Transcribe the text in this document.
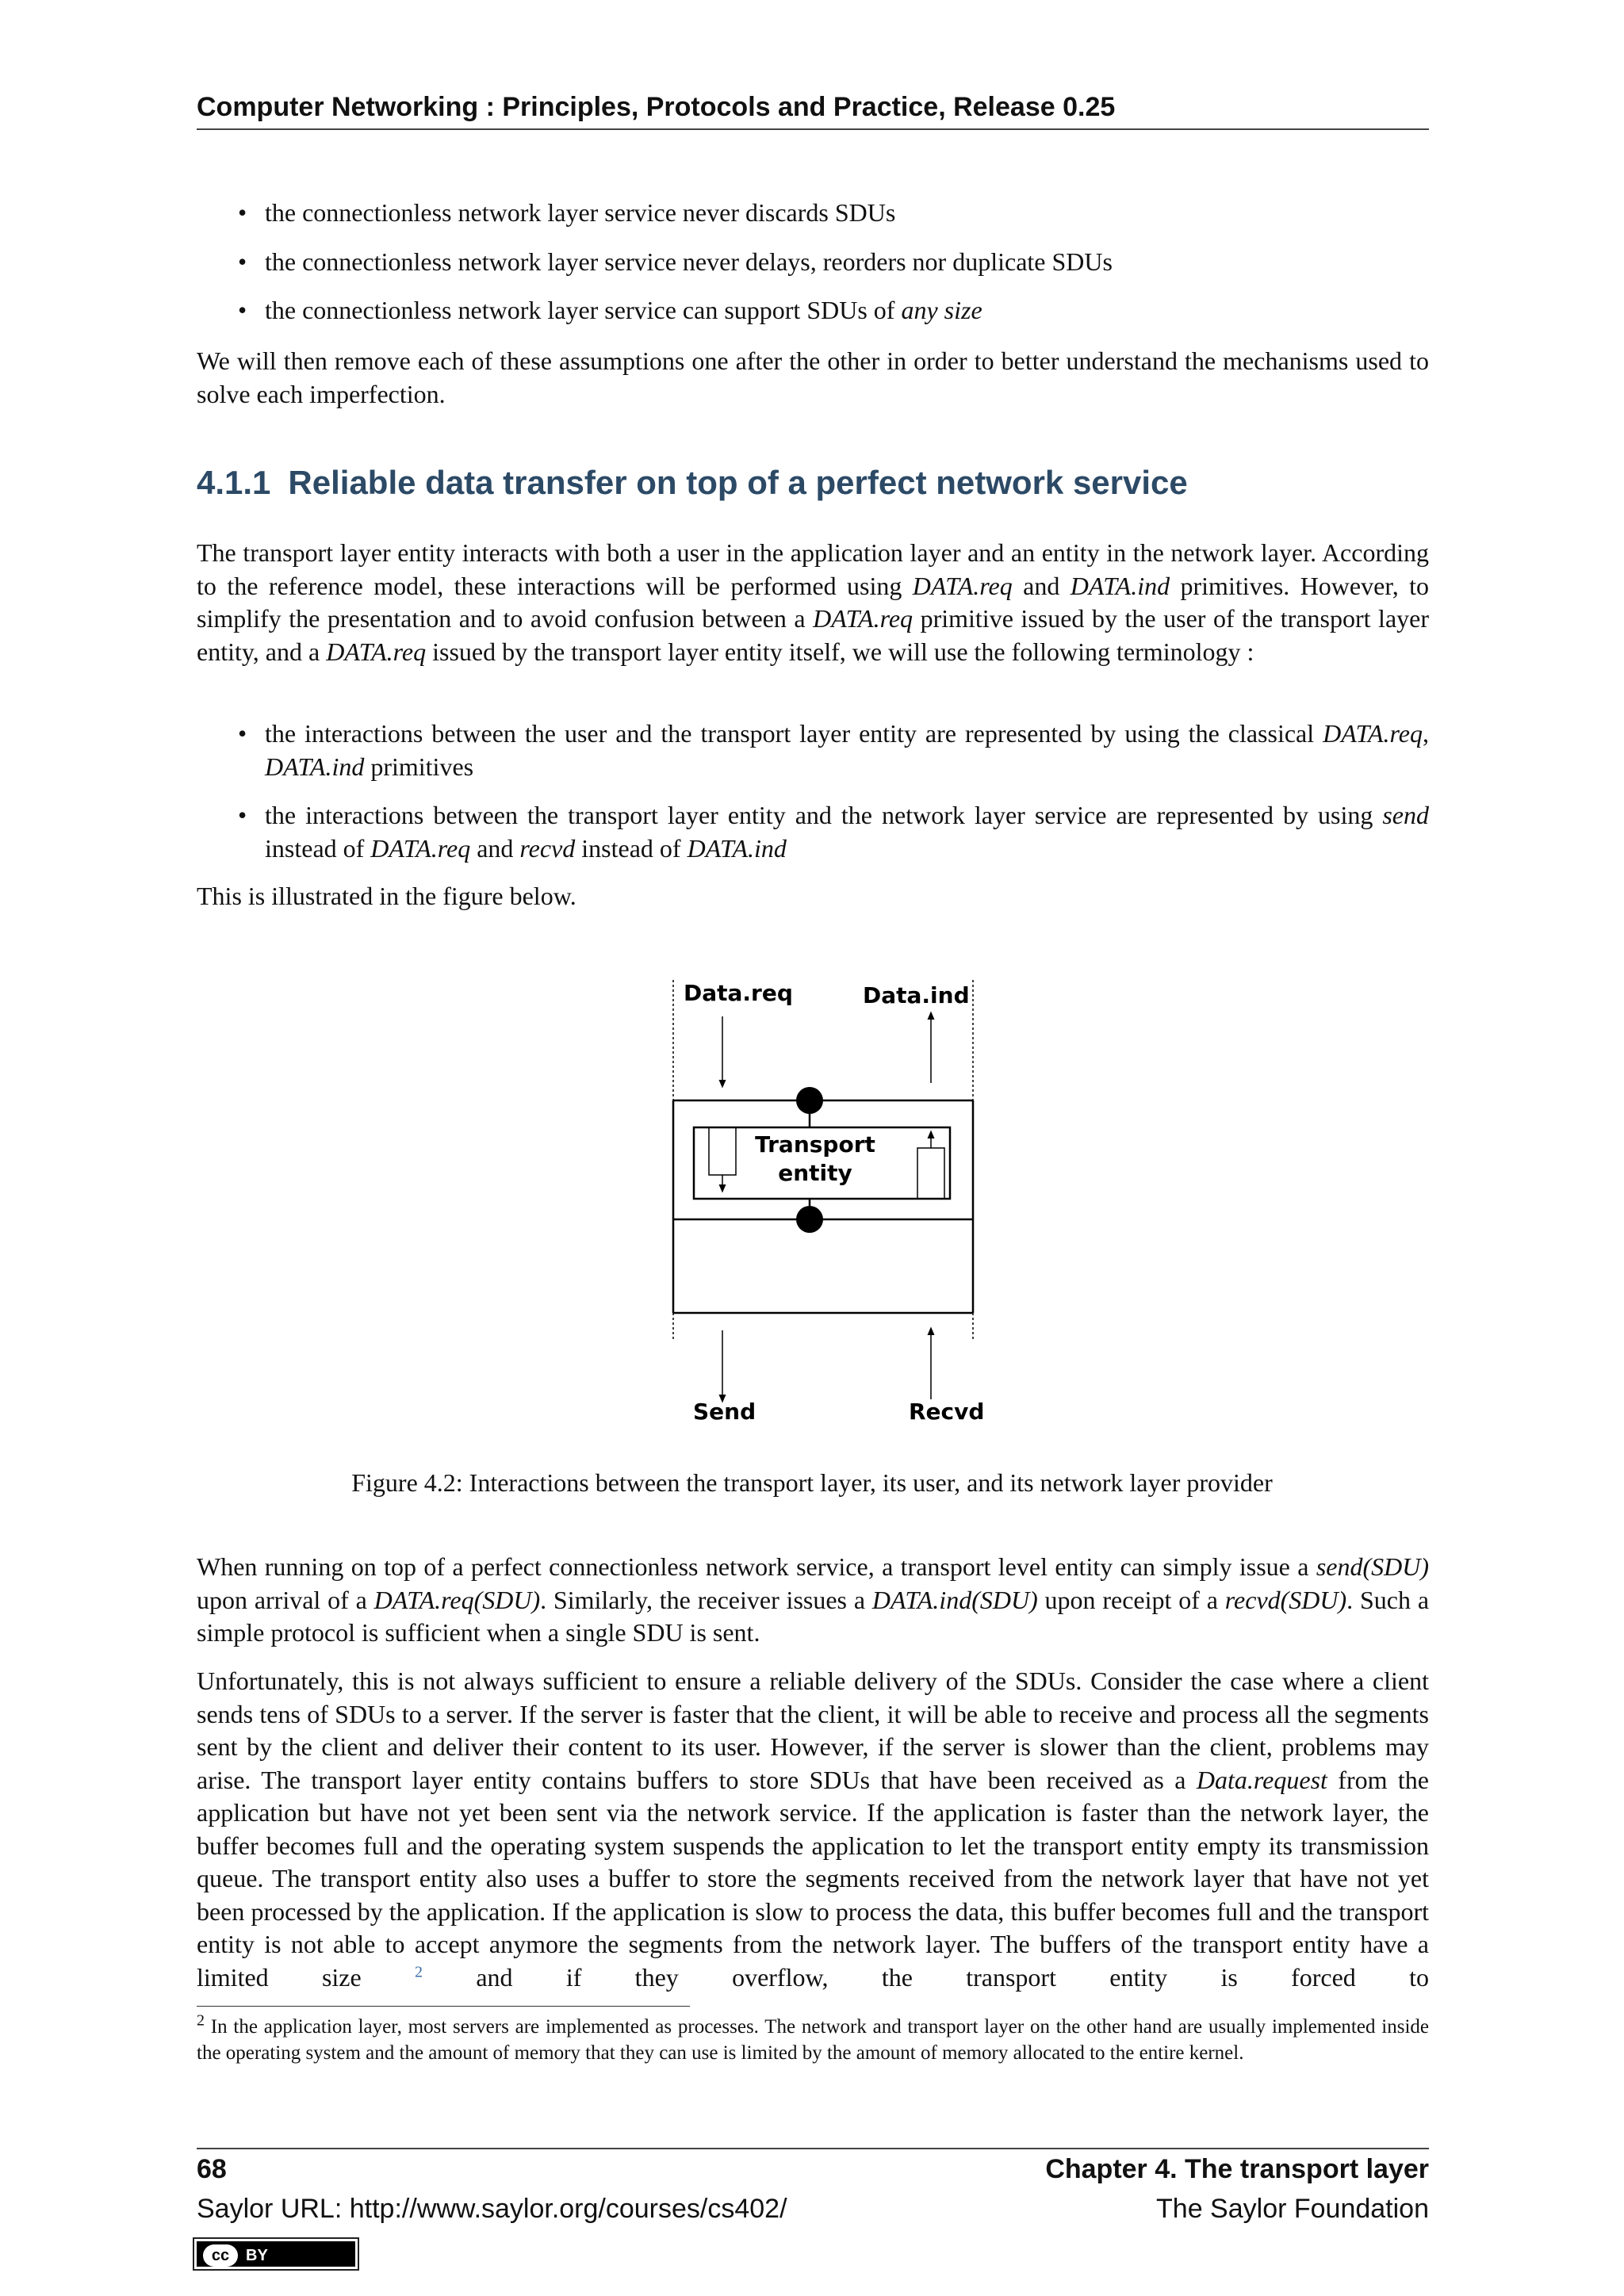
Computer Networking : Principles, Protocols and Practice, Release 0.25
• the connectionless network layer service never discards SDUs
• the connectionless network layer service never delays, reorders nor duplicate SDUs
• the connectionless network layer service can support SDUs of any size

We will then remove each of these assumptions one after the other in order to better understand the mechanisms used to solve each imperfection.

4.1.1 Reliable data transfer on top of a perfect network service

The transport layer entity interacts with both a user in the application layer and an entity in the network layer. According to the reference model, these interactions will be performed using DATA.req and DATA.ind primitives. However, to simplify the presentation and to avoid confusion between a DATA.req primitive issued by the user of the transport layer entity, and a DATA.req issued by the transport layer entity itself, we will use the following terminology :

• the interactions between the user and the transport layer entity are represented by using the classical DATA.req, DATA.ind primitives
• the interactions between the transport layer entity and the network layer service are represented by using send instead of DATA.req and recvd instead of DATA.ind

This is illustrated in the figure below.

Data.req	Data.ind
Transport
entity
Send	Recvd
Figure 4.2: Interactions between the transport layer, its user, and its network layer provider

When running on top of a perfect connectionless network service, a transport level entity can simply issue a send(SDU) upon arrival of a DATA.req(SDU). Similarly, the receiver issues a DATA.ind(SDU) upon receipt of a recvd(SDU). Such a simple protocol is sufficient when a single SDU is sent.

Unfortunately, this is not always sufficient to ensure a reliable delivery of the SDUs. Consider the case where a client sends tens of SDUs to a server. If the server is faster that the client, it will be able to receive and process all the segments sent by the client and deliver their content to its user. However, if the server is slower than the client, problems may arise. The transport layer entity contains buffers to store SDUs that have been received as a Data.request from the application but have not yet been sent via the network service. If the application is faster than the network layer, the buffer becomes full and the operating system suspends the application to let the transport entity empty its transmission queue. The transport entity also uses a buffer to store the segments received from the network layer that have not yet been processed by the application. If the application is slow to process the data, this buffer becomes full and the transport entity is not able to accept anymore the segments from the network layer. The buffers of the transport entity have a limited size $^2$ and if they overflow, the transport entity is forced to

$^2$ In the application layer, most servers are implemented as processes. The network and transport layer on the other hand are usually implemented inside the operating system and the amount of memory that they can use is limited by the amount of memory allocated to the entire kernel.
68	Chapter 4. The transport layer
Saylor URL: http://www.saylor.org/courses/cs402/	The Saylor Foundation
cc	BY
